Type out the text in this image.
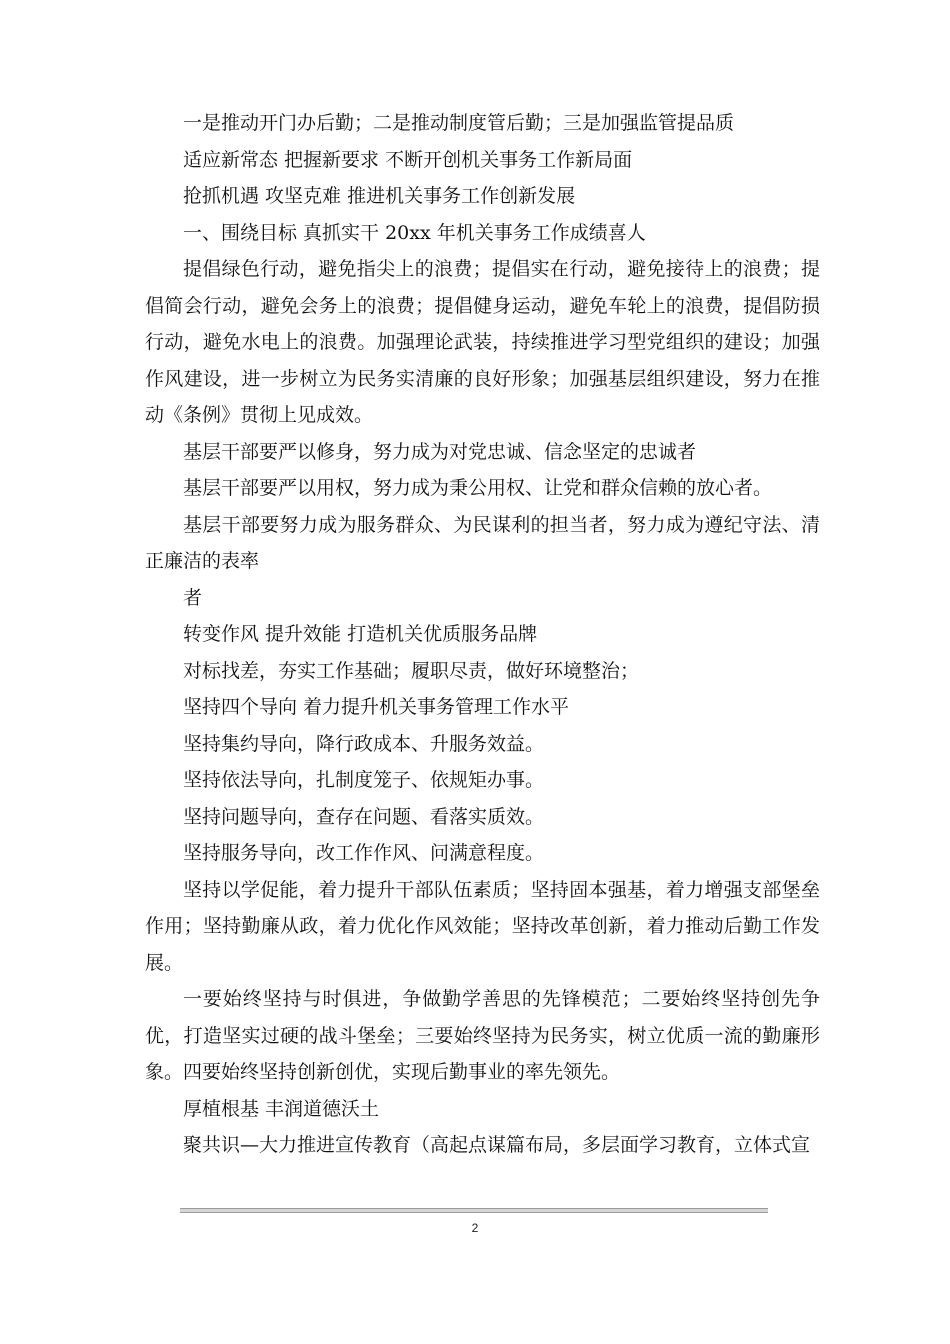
一是推动开门办后勤；二是推动制度管后勤；三是加强监管提品质

适应新常态 把握新要求 不断开创机关事务工作新局面

抢抓机遇 攻坚克难 推进机关事务工作创新发展

一、围绕目标 真抓实干 20xx 年机关事务工作成绩喜人

提倡绿色行动，避免指尖上的浪费；提倡实在行动，避免接待上的浪费；提倡简会行动，避免会务上的浪费；提倡健身运动，避免车轮上的浪费，提倡防损行动，避免水电上的浪费。加强理论武装，持续推进学习型党组织的建设；加强作风建设，进一步树立为民务实清廉的良好形象；加强基层组织建设，努力在推动《条例》贯彻上见成效。

基层干部要严以修身，努力成为对党忠诚、信念坚定的忠诚者

基层干部要严以用权，努力成为秉公用权、让党和群众信赖的放心者。

基层干部要努力成为服务群众、为民谋利的担当者，努力成为遵纪守法、清正廉洁的表率

者

转变作风 提升效能 打造机关优质服务品牌

对标找差，夯实工作基础；履职尽责，做好环境整治；

坚持四个导向 着力提升机关事务管理工作水平

坚持集约导向，降行政成本、升服务效益。

坚持依法导向，扎制度笼子、依规矩办事。

坚持问题导向，查存在问题、看落实质效。

坚持服务导向，改工作作风、问满意程度。

坚持以学促能，着力提升干部队伍素质；坚持固本强基，着力增强支部堡垒作用；坚持勤廉从政，着力优化作风效能；坚持改革创新，着力推动后勤工作发展。

一要始终坚持与时俱进，争做勤学善思的先锋模范；二要始终坚持创先争优，打造坚实过硬的战斗堡垒；三要始终坚持为民务实，树立优质一流的勤廉形象。四要始终坚持创新创优，实现后勤事业的率先领先。

厚植根基 丰润道德沃土

聚共识—大力推进宣传教育（高起点谋篇布局，多层面学习教育，立体式宣

2
